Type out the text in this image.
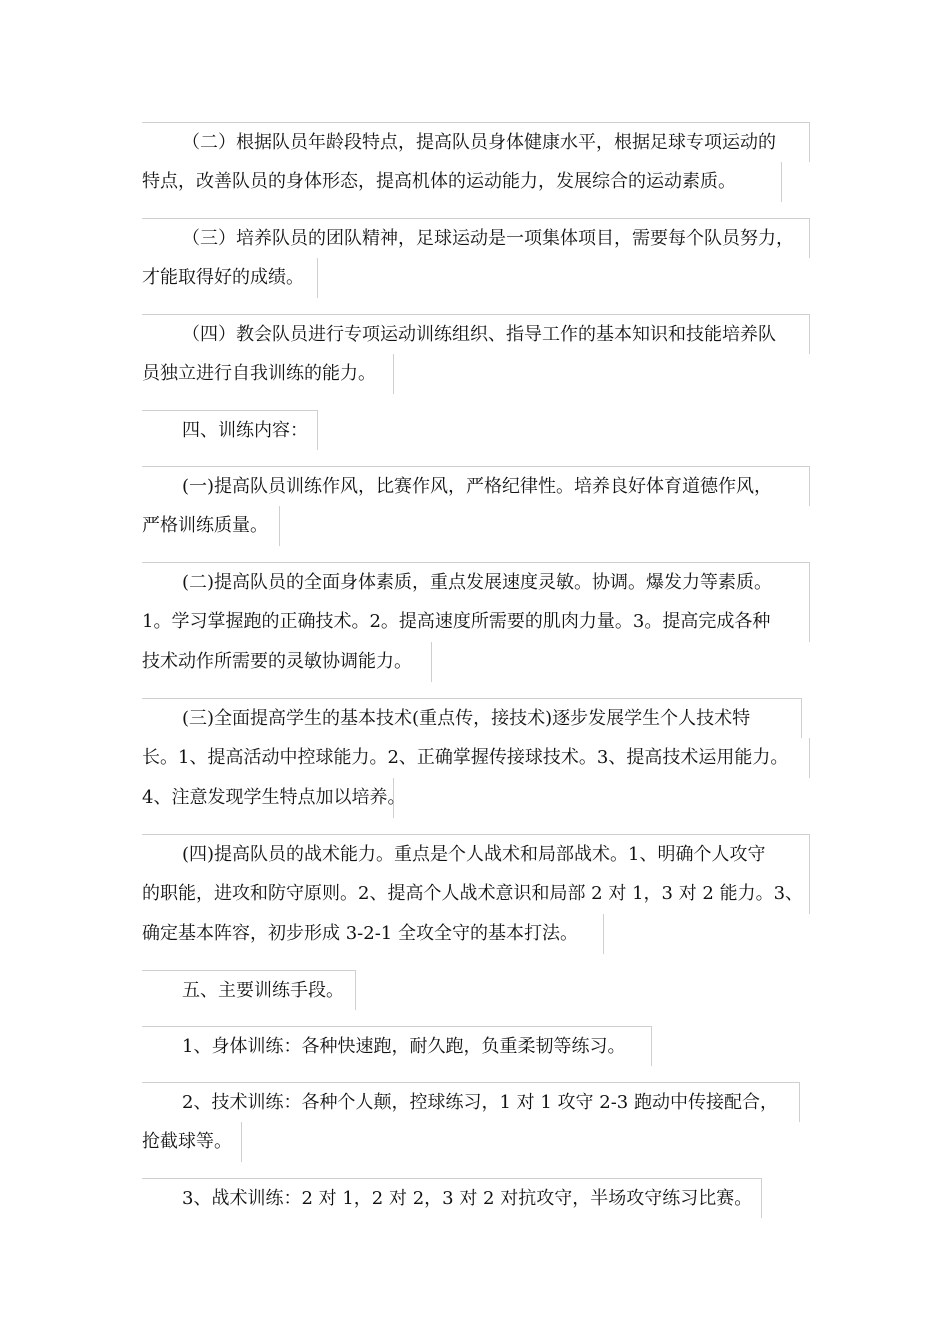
（二）根据队员年龄段特点，提高队员身体健康水平，根据足球专项运动的
特点，改善队员的身体形态，提高机体的运动能力，发展综合的运动素质。
（三）培养队员的团队精神，足球运动是一项集体项目，需要每个队员努力，
才能取得好的成绩。
（四）教会队员进行专项运动训练组织、指导工作的基本知识和技能培养队
员独立进行自我训练的能力。
四、训练内容：
(一)提高队员训练作风，比赛作风，严格纪律性。培养良好体育道德作风，
严格训练质量。
(二)提高队员的全面身体素质，重点发展速度灵敏。协调。爆发力等素质。
1。学习掌握跑的正确技术。2。提高速度所需要的肌肉力量。3。提高完成各种
技术动作所需要的灵敏协调能力。
(三)全面提高学生的基本技术(重点传，接技术)逐步发展学生个人技术特
长。1、提高活动中控球能力。2、正确掌握传接球技术。3、提高技术运用能力。
4、注意发现学生特点加以培养。
(四)提高队员的战术能力。重点是个人战术和局部战术。1、明确个人攻守
的职能，进攻和防守原则。2、提高个人战术意识和局部 2 对 1，3 对 2 能力。3、
确定基本阵容，初步形成 3-2-1 全攻全守的基本打法。
五、主要训练手段。
1、身体训练：各种快速跑，耐久跑，负重柔韧等练习。
2、技术训练：各种个人颠，控球练习，1 对 1 攻守 2-3 跑动中传接配合，
抢截球等。
3、战术训练：2 对 1，2 对 2，3 对 2 对抗攻守，半场攻守练习比赛。
